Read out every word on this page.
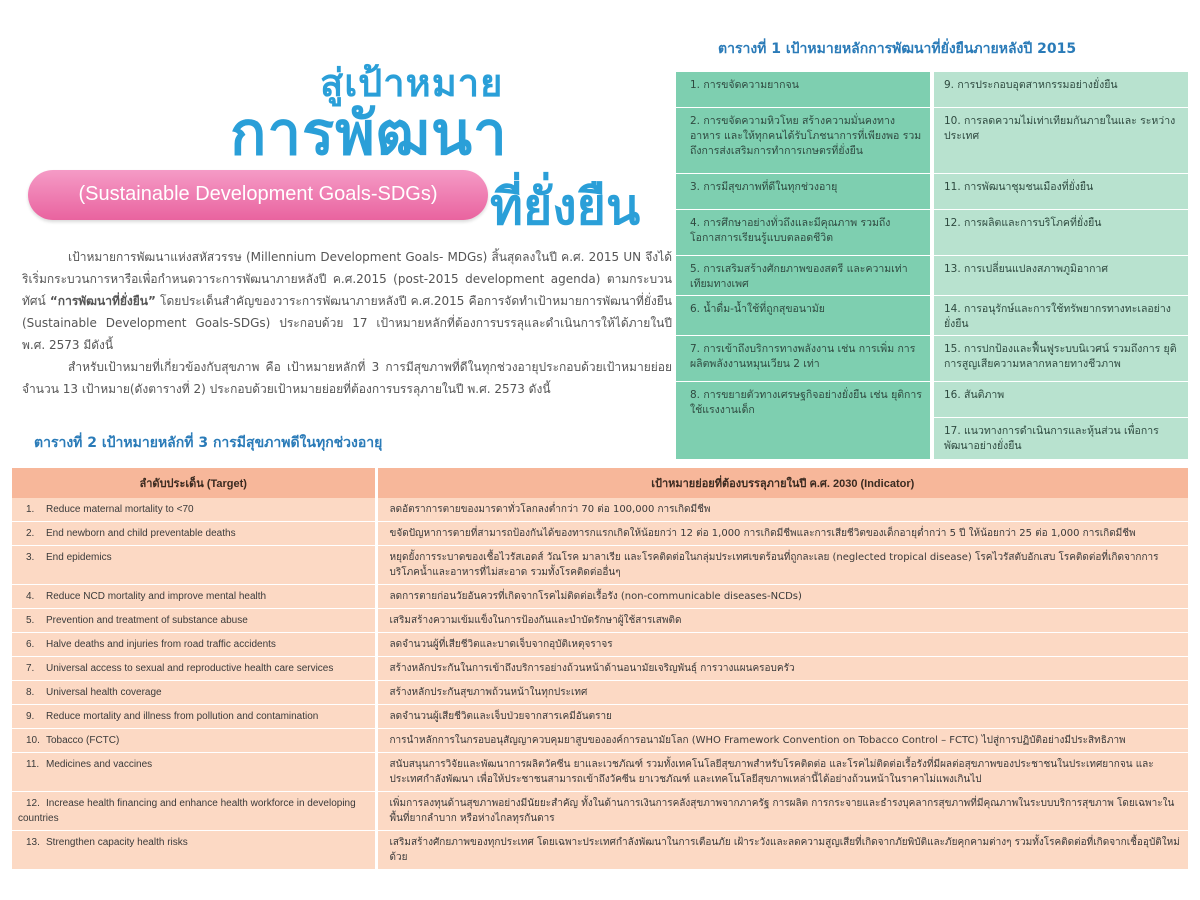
สู่เป้าหมาย
การพัฒนา
(Sustainable Development Goals-SDGs)	ที่ยั่งยืน

เป้าหมายการพัฒนาแห่งสหัสวรรษ (Millennium Development Goals- MDGs) สิ้นสุดลงในปี ค.ศ. 2015 UN จึงได้ริเริ่มกระบวนการหารือเพื่อกำหนดวาระการพัฒนาภายหลังปี ค.ศ.2015 (post-2015 development agenda) ตามกระบวนทัศน์ “การพัฒนาที่ยั่งยืน” โดยประเด็นสำคัญของวาระการพัฒนาภายหลังปี ค.ศ.2015 คือการจัดทำเป้าหมายการพัฒนาที่ยั่งยืน (Sustainable Development Goals-SDGs) ประกอบด้วย 17 เป้าหมายหลักที่ต้องการบรรลุและดำเนินการให้ได้ภายในปี พ.ศ. 2573 มีดังนี้

สำหรับเป้าหมายที่เกี่ยวข้องกับสุขภาพ คือ เป้าหมายหลักที่ 3 การมีสุขภาพที่ดีในทุกช่วงอายุประกอบด้วยเป้าหมายย่อยจำนวน 13 เป้าหมาย(ดังตารางที่ 2) ประกอบด้วยเป้าหมายย่อยที่ต้องการบรรลุภายในปี พ.ศ. 2573 ดังนี้

ตารางที่ 1 เป้าหมายหลักการพัฒนาที่ยั่งยืนภายหลังปี 2015
1. การขจัดความยากจน
2. การขจัดความหิวโหย สร้างความมั่นคงทางอาหาร และให้ทุกคนได้รับโภชนาการที่เพียงพอ รวมถึงการส่งเสริมการทำการเกษตรที่ยั่งยืน
3. การมีสุขภาพที่ดีในทุกช่วงอายุ
4. การศึกษาอย่างทั่วถึงและมีคุณภาพ รวมถึง โอกาสการเรียนรู้แบบตลอดชีวิต
5. การเสริมสร้างศักยภาพของสตรี และความเท่าเทียมทางเพศ
6. น้ำดื่ม-น้ำใช้ที่ถูกสุขอนามัย
7. การเข้าถึงบริการทางพลังงาน เช่น การเพิ่ม การผลิตพลังงานหมุนเวียน 2 เท่า
8. การขยายตัวทางเศรษฐกิจอย่างยั่งยืน เช่น ยุติการใช้แรงงานเด็ก
9. การประกอบอุตสาหกรรมอย่างยั่งยืน
10. การลดความไม่เท่าเทียมกันภายในและ ระหว่างประเทศ
11. การพัฒนาชุมชนเมืองที่ยั่งยืน
12. การผลิตและการบริโภคที่ยั่งยืน
13. การเปลี่ยนแปลงสภาพภูมิอากาศ
14. การอนุรักษ์และการใช้ทรัพยากรทางทะเลอย่างยั่งยืน
15. การปกป้องและฟื้นฟูระบบนิเวศน์ รวมถึงการ ยุติการสูญเสียความหลากหลายทางชีวภาพ
16. สันติภาพ
17. แนวทางการดำเนินการและหุ้นส่วน เพื่อการพัฒนาอย่างยั่งยืน
ตารางที่ 2 เป้าหมายหลักที่ 3 การมีสุขภาพดีในทุกช่วงอายุ
ลำดับประเด็น (Target)	เป้าหมายย่อยที่ต้องบรรลุภายในปี ค.ศ. 2030 (Indicator)
1. Reduce maternal mortality to <70	ลดอัตราการตายของมารดาทั่วโลกลงต่ำกว่า 70 ต่อ 100,000 การเกิดมีชีพ
2. End newborn and child preventable deaths	ขจัดปัญหาการตายที่สามารถป้องกันได้ของทารกแรกเกิดให้น้อยกว่า 12 ต่อ 1,000 การเกิดมีชีพและการเสียชีวิตของเด็กอายุต่ำกว่า 5 ปี ให้น้อยกว่า 25 ต่อ 1,000 การเกิดมีชีพ
3. End epidemics	หยุดยั้งการระบาดของเชื้อไวรัสเอดส์ วัณโรค มาลาเรีย และโรคติดต่อในกลุ่มประเทศเขตร้อนที่ถูกละเลย (neglected tropical disease) โรคไวรัสตับอักเสบ โรคติดต่อที่เกิดจากการบริโภคน้ำและอาหารที่ไม่สะอาด รวมทั้งโรคติดต่ออื่นๆ
4. Reduce NCD mortality and improve mental health	ลดการตายก่อนวัยอันควรที่เกิดจากโรคไม่ติดต่อเรื้อรัง (non-communicable diseases-NCDs)
5. Prevention and treatment of substance abuse	เสริมสร้างความเข้มแข็งในการป้องกันและบำบัดรักษาผู้ใช้สารเสพติด
6. Halve deaths and injuries from road traffic accidents	ลดจำนวนผู้ที่เสียชีวิตและบาดเจ็บจากอุบัติเหตุจราจร
7. Universal access to sexual and reproductive health care services	สร้างหลักประกันในการเข้าถึงบริการอย่างถ้วนหน้าด้านอนามัยเจริญพันธุ์ การวางแผนครอบครัว
8. Universal health coverage	สร้างหลักประกันสุขภาพถ้วนหน้าในทุกประเทศ
9. Reduce mortality and illness from pollution and contamination	ลดจำนวนผู้เสียชีวิตและเจ็บป่วยจากสารเคมีอันตราย
10. Tobacco (FCTC)	การนำหลักการในกรอบอนุสัญญาควบคุมยาสูบขององค์การอนามัยโลก (WHO Framework Convention on Tobacco Control – FCTC) ไปสู่การปฏิบัติอย่างมีประสิทธิภาพ
11. Medicines and vaccines	สนับสนุนการวิจัยและพัฒนาการผลิตวัคซีน ยาและเวชภัณฑ์ รวมทั้งเทคโนโลยีสุขภาพสำหรับโรคติดต่อ และโรคไม่ติดต่อเรื้อรังที่มีผลต่อสุขภาพของประชาชนในประเทศยากจน และประเทศกำลังพัฒนา เพื่อให้ประชาชนสามารถเข้าถึงวัคซีน ยาเวชภัณฑ์ และเทคโนโลยีสุขภาพเหล่านี้ได้อย่างถ้วนหน้าในราคาไม่แพงเกินไป
12. Increase health financing and enhance health workforce in developing countries	เพิ่มการลงทุนด้านสุขภาพอย่างมีนัยยะสำคัญ ทั้งในด้านการเงินการคลังสุขภาพจากภาครัฐ การผลิต การกระจายและธำรงบุคลากรสุขภาพที่มีคุณภาพในระบบบริการสุขภาพ โดยเฉพาะในพื้นที่ยากลำบาก หรือห่างไกลทุรกันดาร
13. Strengthen capacity health risks	เสริมสร้างศักยภาพของทุกประเทศ โดยเฉพาะประเทศกำลังพัฒนาในการเตือนภัย เฝ้าระวังและลดความสูญเสียที่เกิดจากภัยพิบัติและภัยคุกคามต่างๆ รวมทั้งโรคติดต่อที่เกิดจากเชื้ออุบัติใหม่ด้วย
